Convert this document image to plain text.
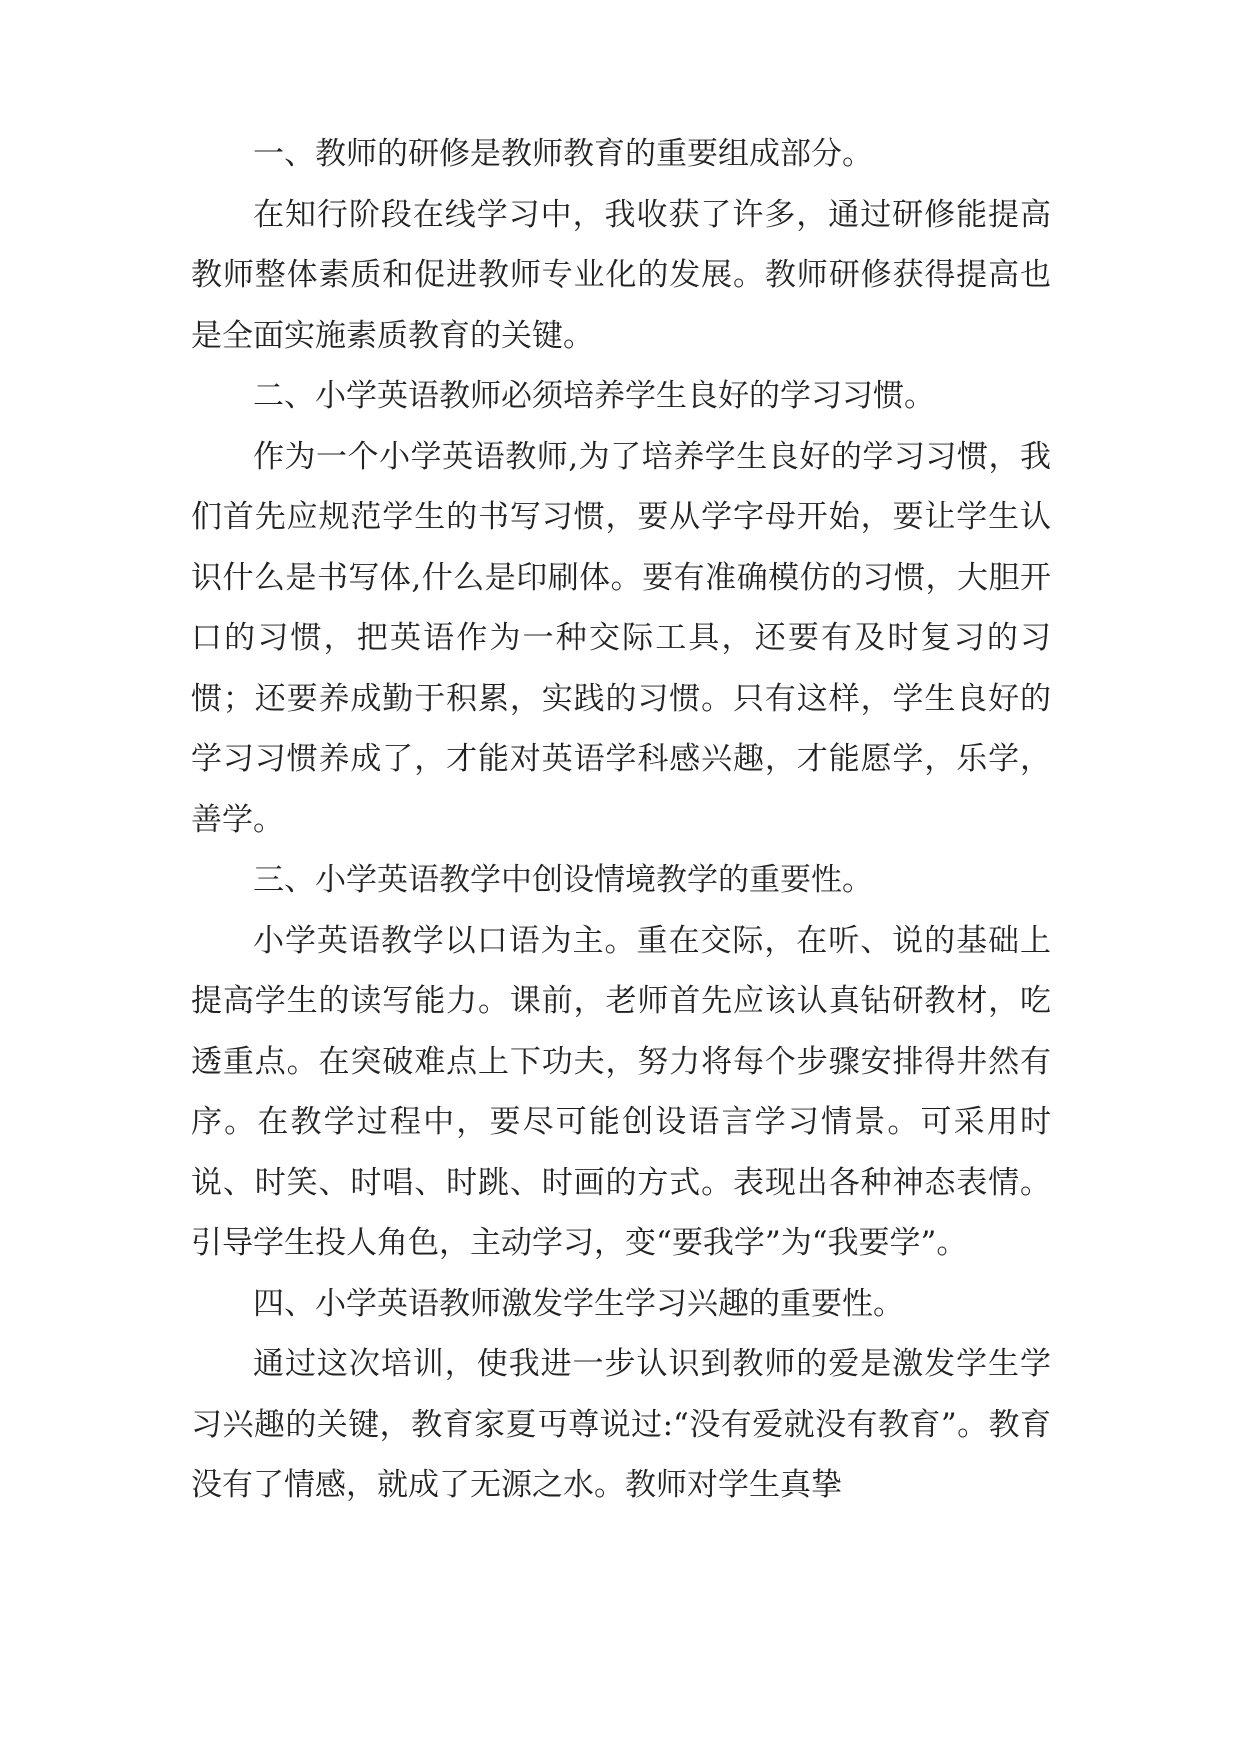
一、教师的研修是教师教育的重要组成部分。

在知行阶段在线学习中，我收获了许多，通过研修能提高教师整体素质和促进教师专业化的发展。教师研修获得提高也是全面实施素质教育的关键。

二、小学英语教师必须培养学生良好的学习习惯。

作为一个小学英语教师,为了培养学生良好的学习习惯，我们首先应规范学生的书写习惯，要从学字母开始，要让学生认识什么是书写体,什么是印刷体。要有准确模仿的习惯，大胆开口的习惯，把英语作为一种交际工具，还要有及时复习的习惯；还要养成勤于积累，实践的习惯。只有这样，学生良好的学习习惯养成了，才能对英语学科感兴趣，才能愿学，乐学，善学。

三、小学英语教学中创设情境教学的重要性。

小学英语教学以口语为主。重在交际，在听、说的基础上提高学生的读写能力。课前，老师首先应该认真钻研教材，吃透重点。在突破难点上下功夫，努力将每个步骤安排得井然有序。在教学过程中，要尽可能创设语言学习情景。可采用时说、时笑、时唱、时跳、时画的方式。表现出各种神态表情。引导学生投人角色，主动学习，变“要我学”为“我要学”。

四、小学英语教师激发学生学习兴趣的重要性。

通过这次培训，使我进一步认识到教师的爱是激发学生学习兴趣的关键，教育家夏丏尊说过:“没有爱就没有教育”。教育没有了情感，就成了无源之水。教师对学生真挚
